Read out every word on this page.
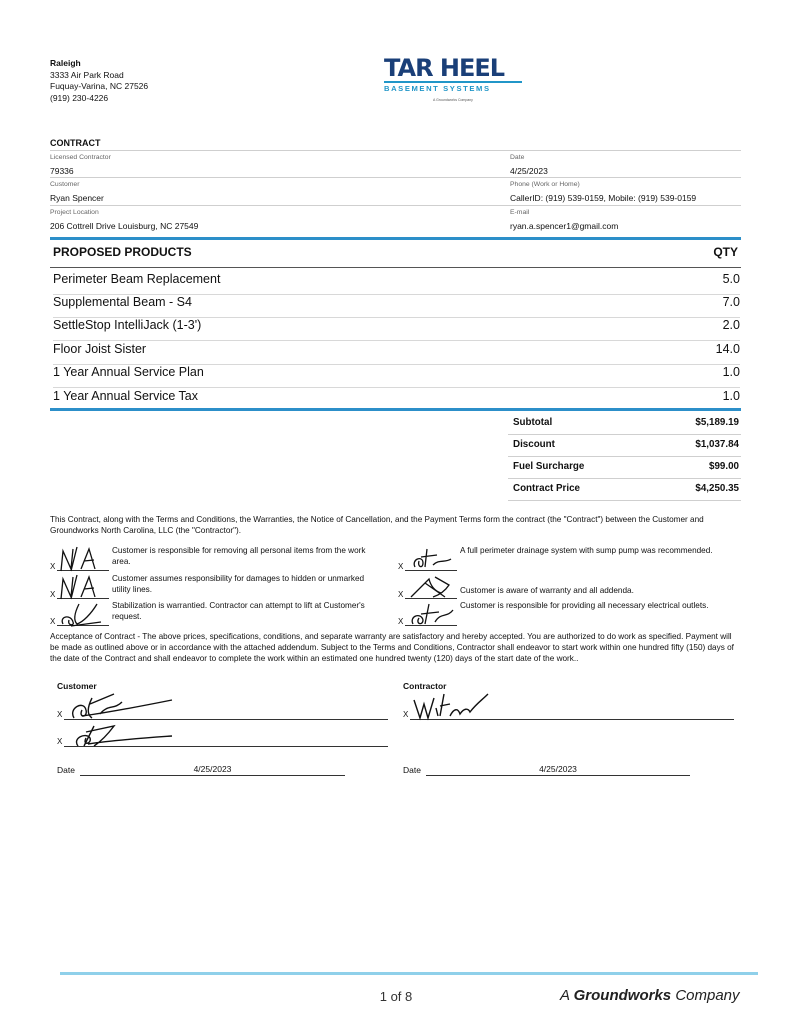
Raleigh
3333 Air Park Road
Fuquay-Varina, NC 27526
(919) 230-4226
TAR HEEL
BASEMENT SYSTEMS
A Groundworks Company
CONTRACT
Licensed Contractor
79336
Date
4/25/2023
Customer
Ryan Spencer
Phone (Work or Home)
CallerID: (919) 539-0159, Mobile: (919) 539-0159
Project Location
206 Cottrell Drive Louisburg, NC 27549
E-mail
ryan.a.spencer1@gmail.com
PROPOSED PRODUCTS	QTY
Perimeter Beam Replacement	5.0
Supplemental Beam - S4	7.0
SettleStop IntelliJack (1-3')	2.0
Floor Joist Sister	14.0
1 Year Annual Service Plan	1.0
1 Year Annual Service Tax	1.0
Subtotal	$5,189.19
Discount	$1,037.84
Fuel Surcharge	$99.00
Contract Price	$4,250.35
This Contract, along with the Terms and Conditions, the Warranties, the Notice of Cancellation, and the Payment Terms form the contract (the "Contract") between the Customer and Groundworks North Carolina, LLC (the "Contractor").
X
Customer is responsible for removing all personal items from the work area.
X
Customer assumes responsibility for damages to hidden or unmarked utility lines.
X
Stabilization is warrantied. Contractor can attempt to lift at Customer's request.
X
A full perimeter drainage system with sump pump was recommended.
X	Customer is aware of warranty and all addenda.
X
Customer is responsible for providing all necessary electrical outlets.
Acceptance of Contract - The above prices, specifications, conditions, and separate warranty are satisfactory and hereby accepted. You are authorized to do work as specified. Payment will be made as outlined above or in accordance with the attached addendum. Subject to the Terms and Conditions, Contractor shall endeavor to start work within one hundred fifty (150) days of the date of the Contract and shall endeavor to complete the work within an estimated one hundred twenty (120) days of the start date of the work..
Customer	Contractor
X
X
X
Date	4/25/2023	Date	4/25/2023
1 of 8	A Groundworks Company
